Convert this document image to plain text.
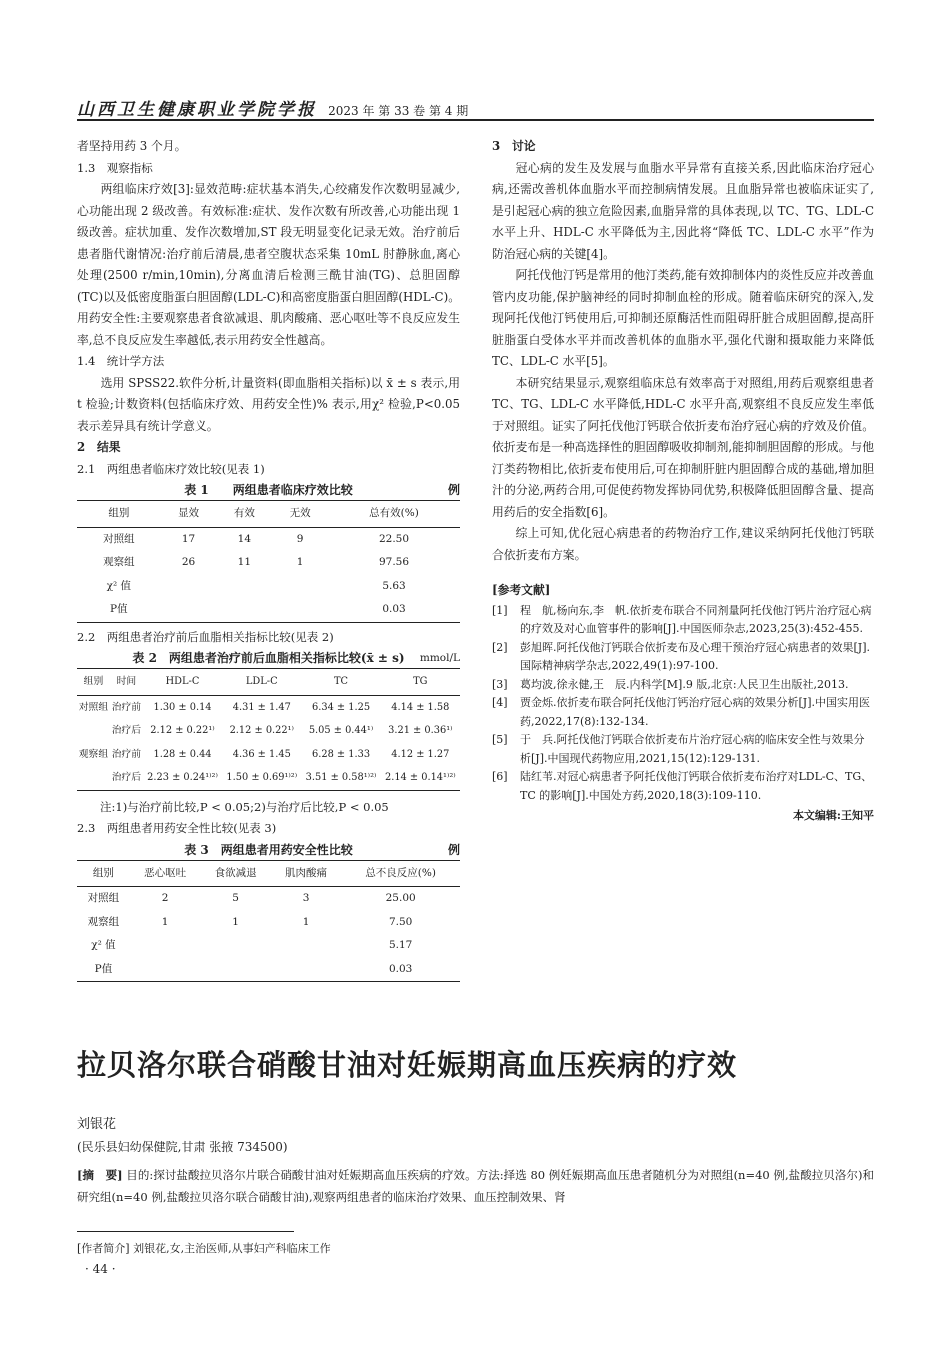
山西卫生健康职业学院学报 2023 年 第 33 卷 第 4 期
者坚持用药 3 个月。
1.3　观察指标

两组临床疗效[3]:显效范畴:症状基本消失,心绞痛发作次数明显减少,心功能出现 2 级改善。有效标准:症状、发作次数有所改善,心功能出现 1 级改善。症状加重、发作次数增加,ST 段无明显变化记录无效。治疗前后患者脂代谢情况:治疗前后清晨,患者空腹状态采集 10mL 肘静脉血,离心处理(2500 r/min,10min),分离血清后检测三酰甘油(TG)、总胆固醇(TC)以及低密度脂蛋白胆固醇(LDL-C)和高密度脂蛋白胆固醇(HDL-C)。用药安全性:主要观察患者食欲减退、肌肉酸痛、恶心呕吐等不良反应发生率,总不良反应发生率越低,表示用药安全性越高。

1.4　统计学方法

选用 SPSS22.软件分析,计量资料(即血脂相关指标)以 x̄ ± s 表示,用 t 检验;计数资料(包括临床疗效、用药安全性)% 表示,用χ² 检验,P<0.05 表示差异具有统计学意义。

2　结果
2.1　两组患者临床疗效比较(见表 1)
表 1　　两组患者临床疗效比较	例
组别	显效	有效	无效	总有效(%)
对照组	17	14	9	22.50
观察组	26	11	1	97.56
χ² 值				5.63
P值				0.03
2.2　两组患者治疗前后血脂相关指标比较(见表 2)
表 2　两组患者治疗前后血脂相关指标比较(x̄ ± s) mmol/L
组别	时间	HDL-C	LDL-C	TC	TG
对照组	治疗前	1.30 ± 0.14	4.31 ± 1.47	6.34 ± 1.25	4.14 ± 1.58
	治疗后	2.12 ± 0.22¹⁾	2.12 ± 0.22¹⁾	5.05 ± 0.44¹⁾	3.21 ± 0.36¹⁾
观察组	治疗前	1.28 ± 0.44	4.36 ± 1.45	6.28 ± 1.33	4.12 ± 1.27
	治疗后	2.23 ± 0.24¹⁾²⁾	1.50 ± 0.69¹⁾²⁾	3.51 ± 0.58¹⁾²⁾	2.14 ± 0.14¹⁾²⁾
注:1)与治疗前比较,P < 0.05;2)与治疗后比较,P < 0.05
2.3　两组患者用药安全性比较(见表 3)
表 3　两组患者用药安全性比较	例
组别	恶心呕吐	食欲减退	肌肉酸痛	总不良反应(%)
对照组	2	5	3	25.00
观察组	1	1	1	7.50
χ² 值				5.17
P值				0.03
3　讨论

冠心病的发生及发展与血脂水平异常有直接关系,因此临床治疗冠心病,还需改善机体血脂水平而控制病情发展。且血脂异常也被临床证实了,是引起冠心病的独立危险因素,血脂异常的具体表现,以 TC、TG、LDL-C 水平上升、HDL-C 水平降低为主,因此将“降低 TC、LDL-C 水平”作为防治冠心病的关键[4]。

阿托伐他汀钙是常用的他汀类药,能有效抑制体内的炎性反应并改善血管内皮功能,保护脑神经的同时抑制血栓的形成。随着临床研究的深入,发现阿托伐他汀钙使用后,可抑制还原酶活性而阻碍肝脏合成胆固醇,提高肝脏脂蛋白受体水平并而改善机体的血脂水平,强化代谢和摄取能力来降低 TC、LDL-C 水平[5]。

本研究结果显示,观察组临床总有效率高于对照组,用药后观察组患者 TC、TG、LDL-C 水平降低,HDL-C 水平升高,观察组不良反应发生率低于对照组。证实了阿托伐他汀钙联合依折麦布治疗冠心病的疗效及价值。依折麦布是一种高选择性的胆固醇吸收抑制剂,能抑制胆固醇的形成。与他汀类药物相比,依折麦布使用后,可在抑制肝脏内胆固醇合成的基础,增加胆汁的分泌,两药合用,可促使药物发挥协同优势,积极降低胆固醇含量、提高用药后的安全指数[6]。

综上可知,优化冠心病患者的药物治疗工作,建议采纳阿托伐他汀钙联合依折麦布方案。

[参考文献]
[1]	程　航,杨向东,李　帆.依折麦布联合不同剂量阿托伐他汀钙片治疗冠心病的疗效及对心血管事件的影响[J].中国医师杂志,2023,25(3):452-455.
[2]	彭旭晖.阿托伐他汀钙联合依折麦布及心理干预治疗冠心病患者的效果[J].国际精神病学杂志,2022,49(1):97-100.
[3]	葛均波,徐永健,王　辰.内科学[M].9 版,北京:人民卫生出版社,2013.
[4]	贾金烁.依折麦布联合阿托伐他汀钙治疗冠心病的效果分析[J].中国实用医药,2022,17(8):132-134.
[5]	于　兵.阿托伐他汀钙联合依折麦布片治疗冠心病的临床安全性与效果分析[J].中国现代药物应用,2021,15(12):129-131.
[6]	陆红苇.对冠心病患者予阿托伐他汀钙联合依折麦布治疗对LDL-C、TG、TC 的影响[J].中国处方药,2020,18(3):109-110.
本文编辑:王知平
拉贝洛尔联合硝酸甘油对妊娠期高血压疾病的疗效
刘银花
(民乐县妇幼保健院,甘肃 张掖 734500)
[摘　要] 目的:探讨盐酸拉贝洛尔片联合硝酸甘油对妊娠期高血压疾病的疗效。方法:择选 80 例妊娠期高血压患者随机分为对照组(n=40 例,盐酸拉贝洛尔)和研究组(n=40 例,盐酸拉贝洛尔联合硝酸甘油),观察两组患者的临床治疗效果、血压控制效果、肾
[作者简介] 刘银花,女,主治医师,从事妇产科临床工作
· 44 ·
